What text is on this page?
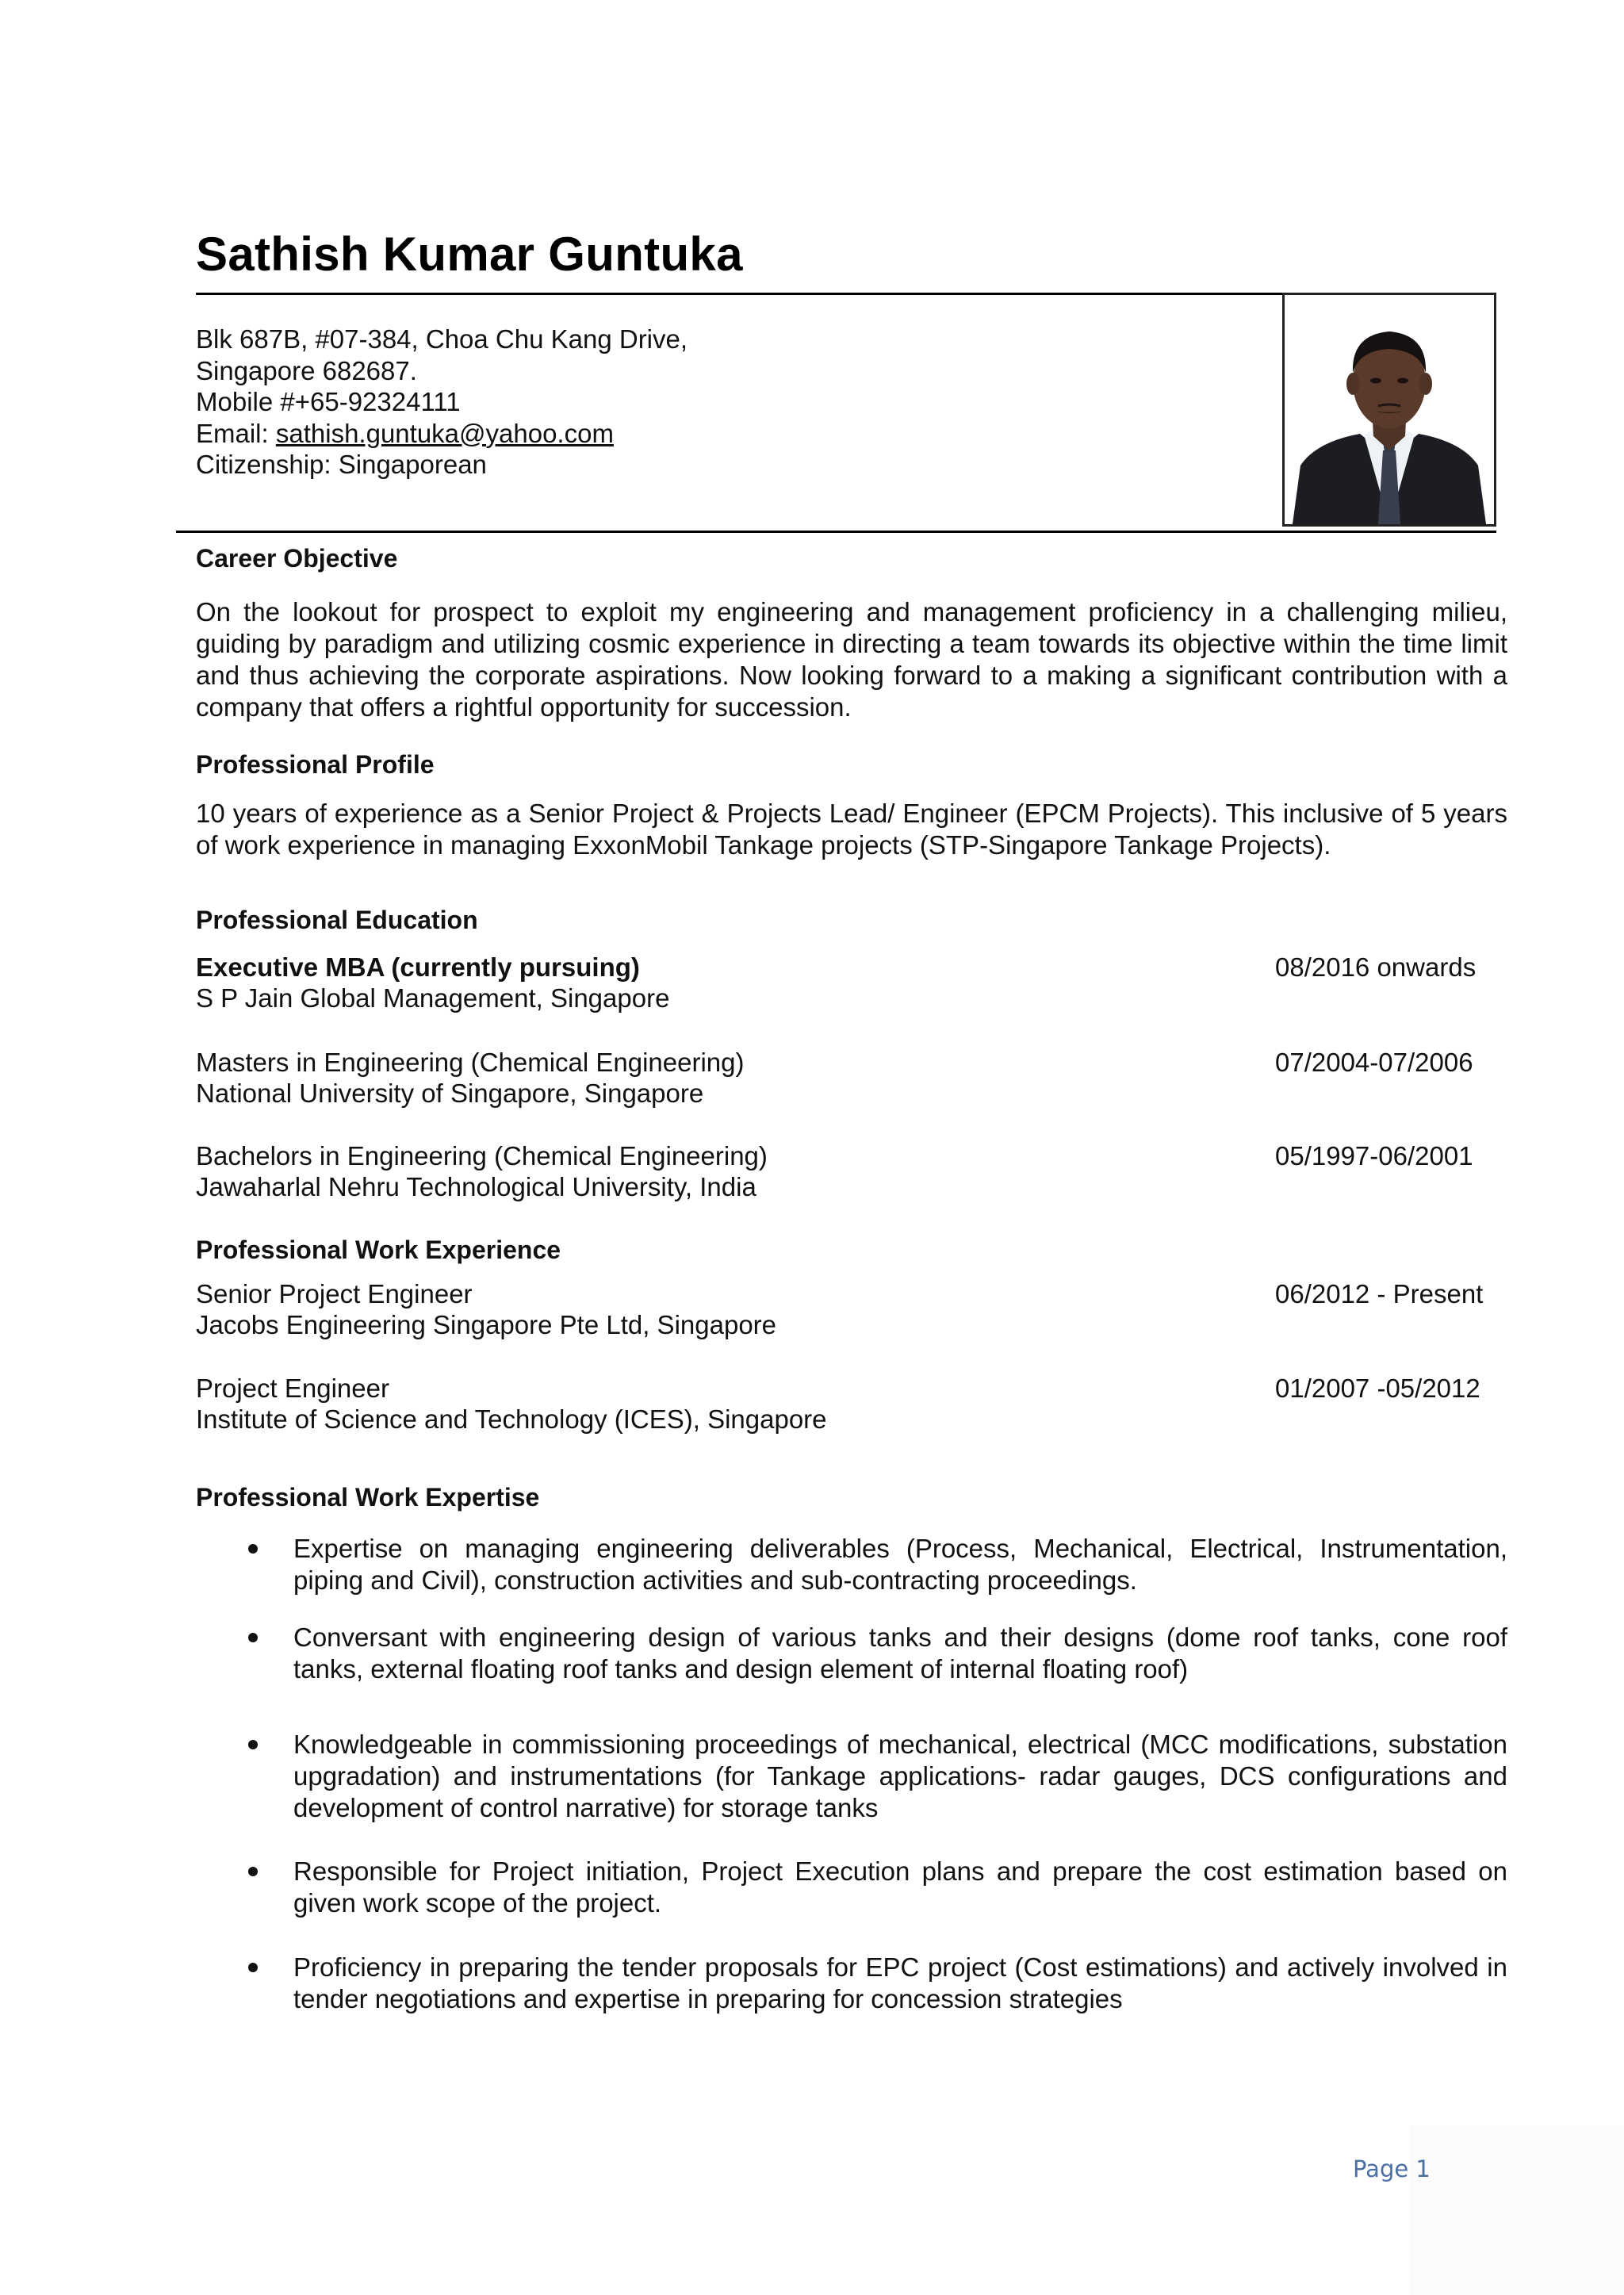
Sathish Kumar Guntuka
Blk 687B, #07-384, Choa Chu Kang Drive,
Singapore 682687.
Mobile #+65-92324111
Email: sathish.guntuka@yahoo.com
Citizenship: Singaporean
Career Objective
On the lookout for prospect to exploit my engineering and management proficiency in a challenging milieu, guiding by paradigm and utilizing cosmic experience in directing a team towards its objective within the time limit and thus achieving the corporate aspirations. Now looking forward to a making a significant contribution with a company that offers a rightful opportunity for succession.
Professional Profile
10 years of experience as a Senior Project & Projects Lead/ Engineer (EPCM Projects). This inclusive of 5 years of work experience in managing ExxonMobil Tankage projects (STP-Singapore Tankage Projects).
Professional Education
Executive MBA (currently pursuing)	08/2016 onwards
S P Jain Global Management, Singapore
Masters in Engineering (Chemical Engineering)	07/2004-07/2006
National University of Singapore, Singapore
Bachelors in Engineering (Chemical Engineering)	05/1997-06/2001
Jawaharlal Nehru Technological University, India
Professional Work Experience
Senior Project Engineer	06/2012 - Present
Jacobs Engineering Singapore Pte Ltd, Singapore
Project Engineer	01/2007 -05/2012
Institute of Science and Technology (ICES), Singapore
Professional Work Expertise
Expertise on managing engineering deliverables (Process, Mechanical, Electrical, Instrumentation, piping and Civil), construction activities and sub-contracting proceedings.
Conversant with engineering design of various tanks and their designs (dome roof tanks, cone roof tanks, external floating roof tanks and design element of internal floating roof)
Knowledgeable in commissioning proceedings of mechanical, electrical (MCC modifications, substation upgradation) and instrumentations (for Tankage applications- radar gauges, DCS configurations and development of control narrative) for storage tanks
Responsible for Project initiation, Project Execution plans and prepare the cost estimation based on given work scope of the project.
Proficiency in preparing the tender proposals for EPC project (Cost estimations) and actively involved in tender negotiations and expertise in preparing for concession strategies
Page 1
